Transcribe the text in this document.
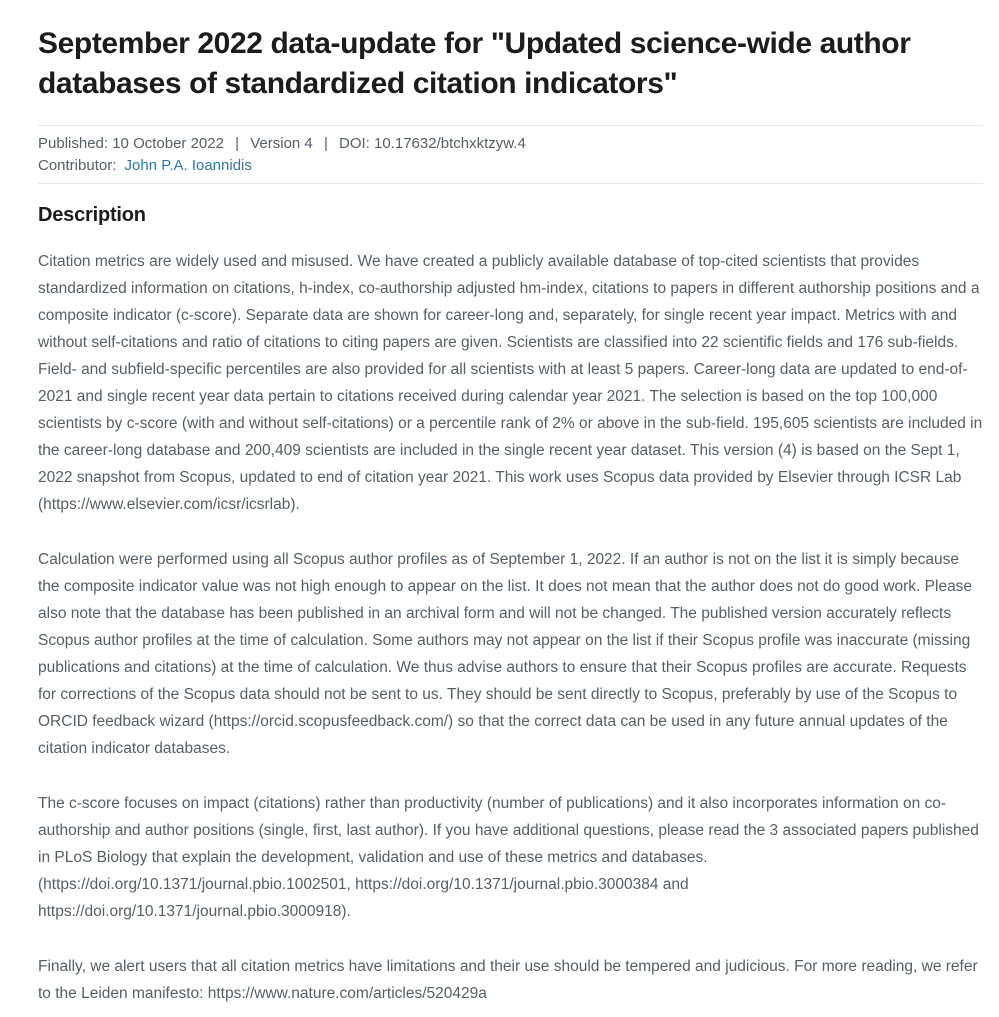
September 2022 data-update for "Updated science-wide author databases of standardized citation indicators"
Published: 10 October 2022 | Version 4 | DOI: 10.17632/btchxktzyw.4
Contributor: John P.A. Ioannidis
Description

Citation metrics are widely used and misused. We have created a publicly available database of top-cited scientists that provides standardized information on citations, h-index, co-authorship adjusted hm-index, citations to papers in different authorship positions and a composite indicator (c-score). Separate data are shown for career-long and, separately, for single recent year impact. Metrics with and without self-citations and ratio of citations to citing papers are given. Scientists are classified into 22 scientific fields and 176 sub-fields. Field- and subfield-specific percentiles are also provided for all scientists with at least 5 papers. Career-long data are updated to end-of-2021 and single recent year data pertain to citations received during calendar year 2021. The selection is based on the top 100,000 scientists by c-score (with and without self-citations) or a percentile rank of 2% or above in the sub-field. 195,605 scientists are included in the career-long database and 200,409 scientists are included in the single recent year dataset. This version (4) is based on the Sept 1, 2022 snapshot from Scopus, updated to end of citation year 2021. This work uses Scopus data provided by Elsevier through ICSR Lab (https://www.elsevier.com/icsr/icsrlab).

Calculation were performed using all Scopus author profiles as of September 1, 2022. If an author is not on the list it is simply because the composite indicator value was not high enough to appear on the list. It does not mean that the author does not do good work. Please also note that the database has been published in an archival form and will not be changed. The published version accurately reflects Scopus author profiles at the time of calculation. Some authors may not appear on the list if their Scopus profile was inaccurate (missing publications and citations) at the time of calculation. We thus advise authors to ensure that their Scopus profiles are accurate. Requests for corrections of the Scopus data should not be sent to us. They should be sent directly to Scopus, preferably by use of the Scopus to ORCID feedback wizard (https://orcid.scopusfeedback.com/) so that the correct data can be used in any future annual updates of the citation indicator databases.

The c-score focuses on impact (citations) rather than productivity (number of publications) and it also incorporates information on co-authorship and author positions (single, first, last author). If you have additional questions, please read the 3 associated papers published in PLoS Biology that explain the development, validation and use of these metrics and databases. (https://doi.org/10.1371/journal.pbio.1002501, https://doi.org/10.1371/journal.pbio.3000384 and https://doi.org/10.1371/journal.pbio.3000918).

Finally, we alert users that all citation metrics have limitations and their use should be tempered and judicious. For more reading, we refer to the Leiden manifesto: https://www.nature.com/articles/520429a
